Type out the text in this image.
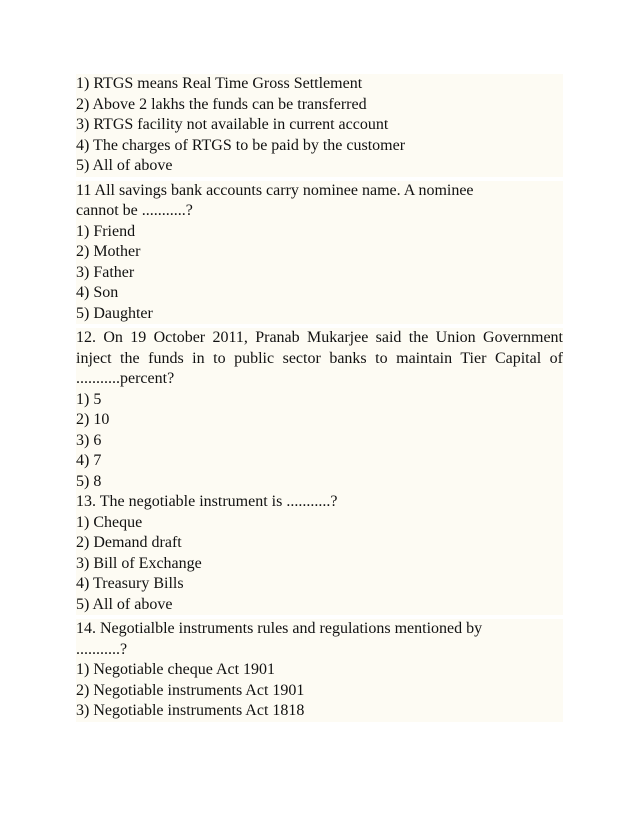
1) RTGS means Real Time Gross Settlement
2) Above 2 lakhs the funds can be transferred
3) RTGS facility not available in current account
4) The charges of RTGS to be paid by the customer
5) All of above
11 All savings bank accounts carry nominee name. A nominee
cannot be ...........?
1) Friend
2) Mother
3) Father
4) Son
5) Daughter
12. On 19 October 2011, Pranab Mukarjee said the Union Government inject the funds in to public sector banks to maintain Tier Capital of ...........percent?
1) 5
2) 10
3) 6
4) 7
5) 8
13. The negotiable instrument is ...........?
1) Cheque
2) Demand draft
3) Bill of Exchange
4) Treasury Bills
5) All of above
14. Negotialble instruments rules and regulations mentioned by
...........?
1) Negotiable cheque Act 1901
2) Negotiable instruments Act 1901
3) Negotiable instruments Act 1818
